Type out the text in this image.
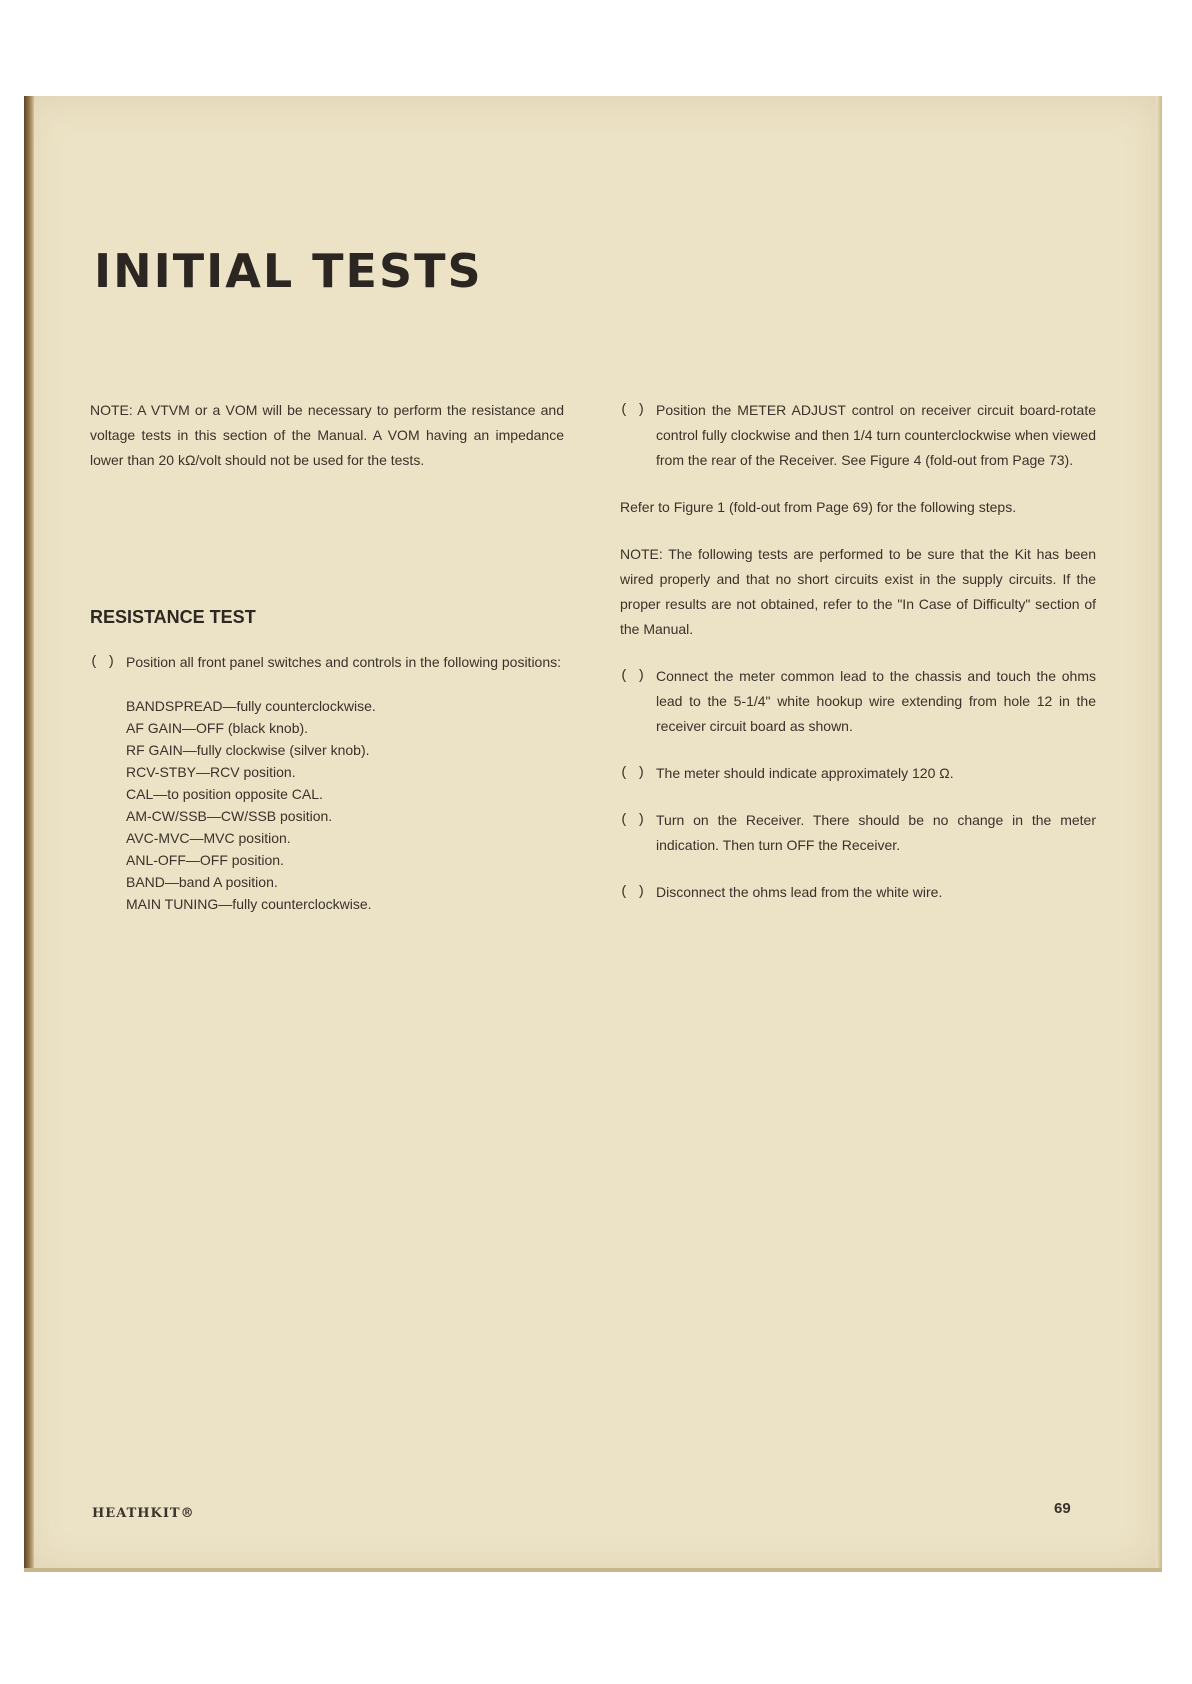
INITIAL TESTS

NOTE: A VTVM or a VOM will be necessary to perform the resistance and voltage tests in this section of the Manual. A VOM having an impedance lower than 20 kΩ/volt should not be used for the tests.

RESISTANCE TEST
( ) Position all front panel switches and controls in the following positions:

BANDSPREAD—fully counterclockwise.
AF GAIN—OFF (black knob).
RF GAIN—fully clockwise (silver knob).
RCV-STBY—RCV position.
CAL—to position opposite CAL.
AM-CW/SSB—CW/SSB position.
AVC-MVC—MVC position.
ANL-OFF—OFF position.
BAND—band A position.
MAIN TUNING—fully counterclockwise.
( ) Position the METER ADJUST control on receiver circuit board-rotate control fully clockwise and then 1/4 turn counterclockwise when viewed from the rear of the Receiver. See Figure 4 (fold-out from Page 73).

Refer to Figure 1 (fold-out from Page 69) for the following steps.

NOTE: The following tests are performed to be sure that the Kit has been wired properly and that no short circuits exist in the supply circuits. If the proper results are not obtained, refer to the "In Case of Difficulty" section of the Manual.

( ) Connect the meter common lead to the chassis and touch the ohms lead to the 5-1/4" white hookup wire extending from hole 12 in the receiver circuit board as shown.

( ) The meter should indicate approximately 120 Ω.

( ) Turn on the Receiver. There should be no change in the meter indication. Then turn OFF the Receiver.

( ) Disconnect the ohms lead from the white wire.

HEATHKIT®	69
